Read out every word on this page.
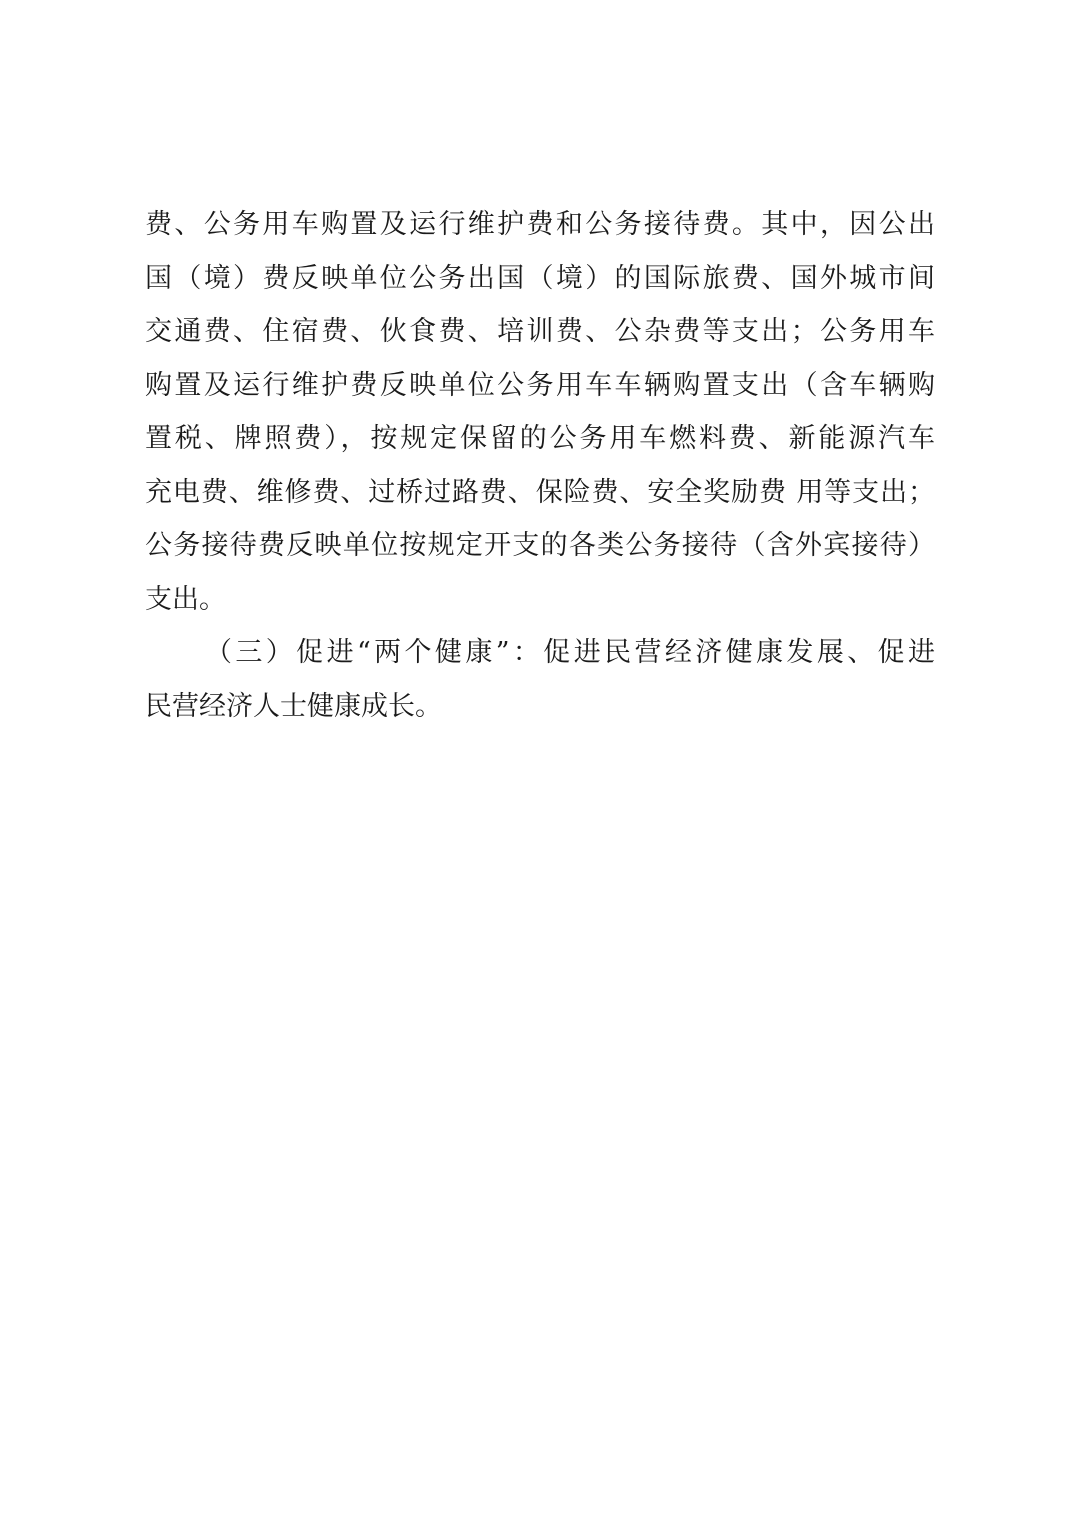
费、公务用车购置及运行维护费和公务接待费。其中，因公出
国（境）费反映单位公务出国（境）的国际旅费、国外城市间
交通费、住宿费、伙食费、培训费、公杂费等支出；公务用车
购置及运行维护费反映单位公务用车车辆购置支出（含车辆购
置税、牌照费），按规定保留的公务用车燃料费、新能源汽车
充电费、维修费、过桥过路费、保险费、安全奖励费 用等支出；
公务接待费反映单位按规定开支的各类公务接待（含外宾接待）
支出。
（三）促进“两个健康”：促进民营经济健康发展、促进
民营经济人士健康成长。
